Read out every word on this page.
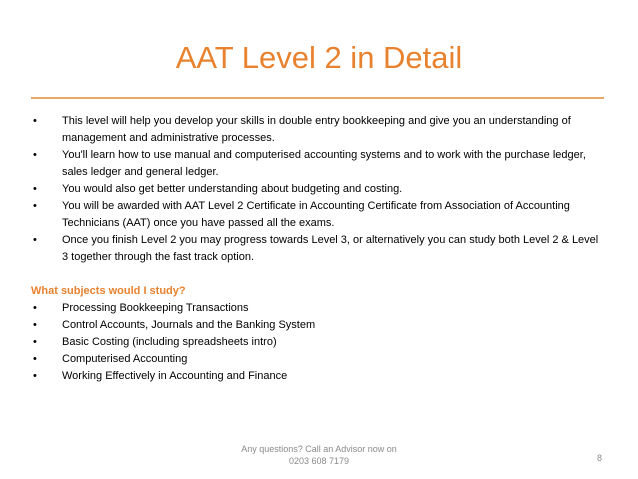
AAT Level 2 in Detail
• This level will help you develop your skills in double entry bookkeeping and give you an understanding of management and administrative processes.
• You'll learn how to use manual and computerised accounting systems and to work with the purchase ledger, sales ledger and general ledger.
• You would also get better understanding about budgeting and costing.
• You will be awarded with AAT Level 2 Certificate in Accounting Certificate from Association of Accounting Technicians (AAT) once you have passed all the exams.
• Once you finish Level 2 you may progress towards Level 3, or alternatively you can study both Level 2 & Level 3 together through the fast track option.
What subjects would I study?
• Processing Bookkeeping Transactions
• Control Accounts, Journals and the Banking System
• Basic Costing (including spreadsheets intro)
• Computerised Accounting
• Working Effectively in Accounting and Finance
Any questions? Call an Advisor now on
0203 608 7179	8
